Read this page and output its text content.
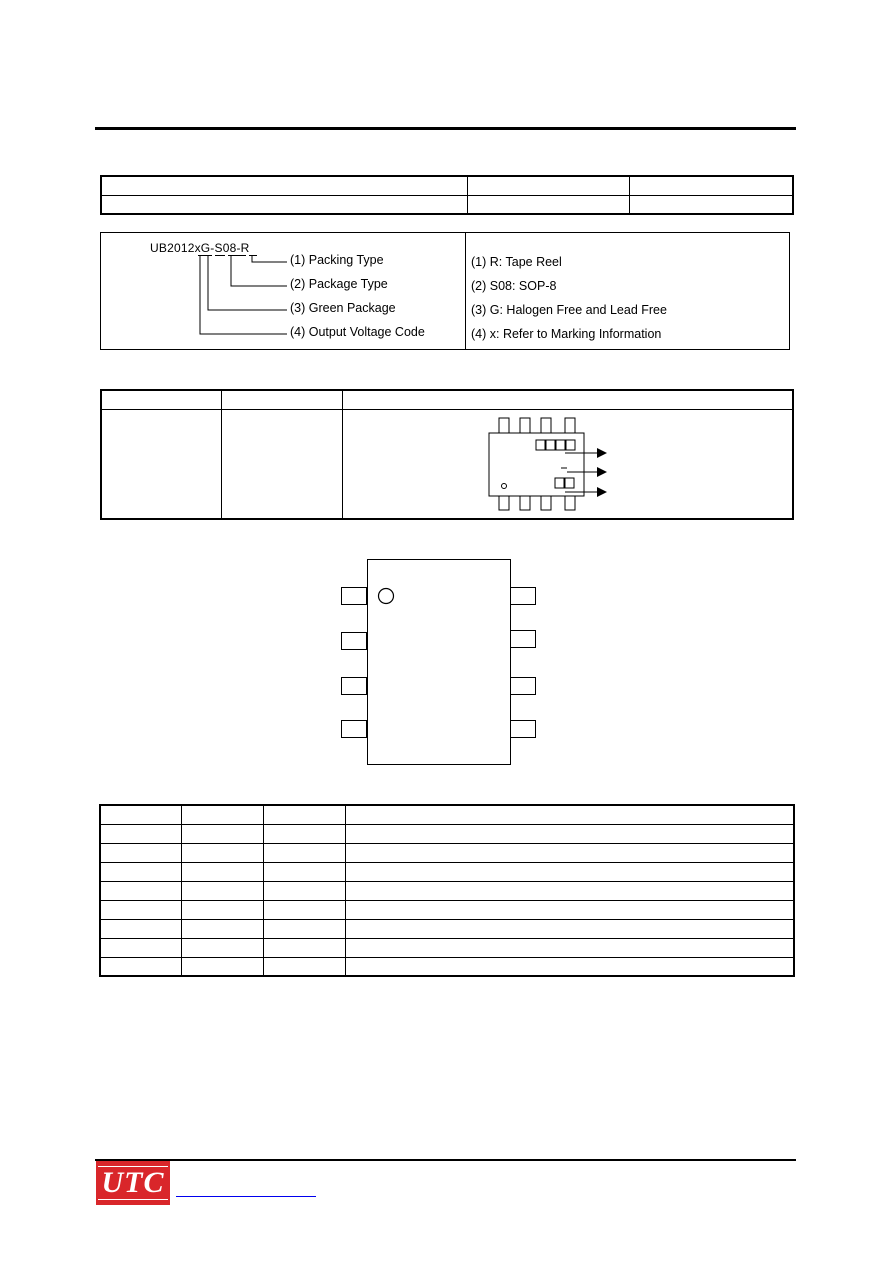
UB2012xG-S08-R
(1) Packing Type
(2) Package Type
(3) Green Package
(4) Output Voltage Code
(1) R: Tape Reel
(2) S08: SOP-8
(3) G: Halogen Free and Lead Free
(4) x: Refer to Marking Information

UTC
